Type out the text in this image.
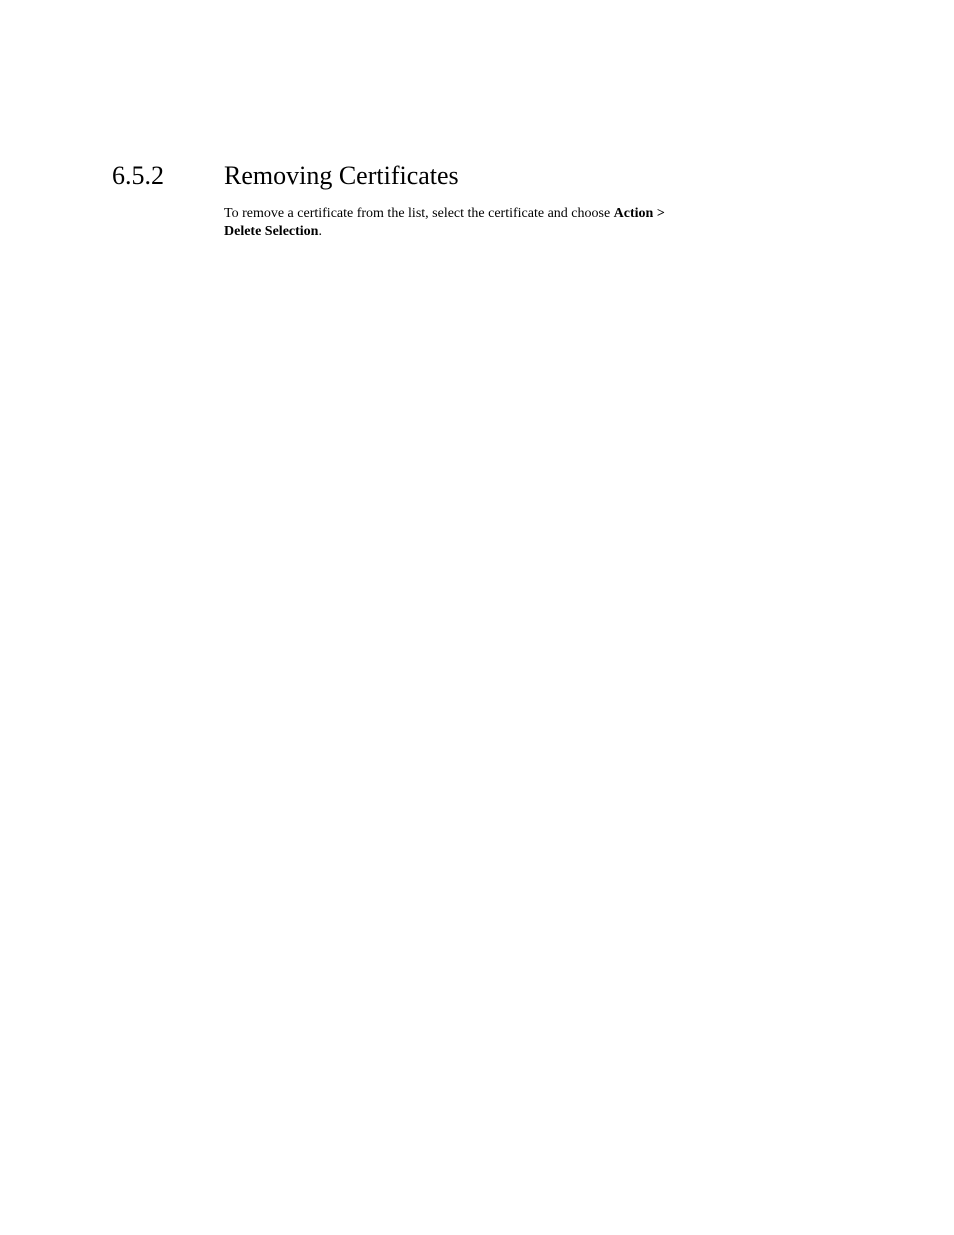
6.5.2 Removing Certificates

To remove a certificate from the list, select the certificate and choose Action >
Delete Selection.
